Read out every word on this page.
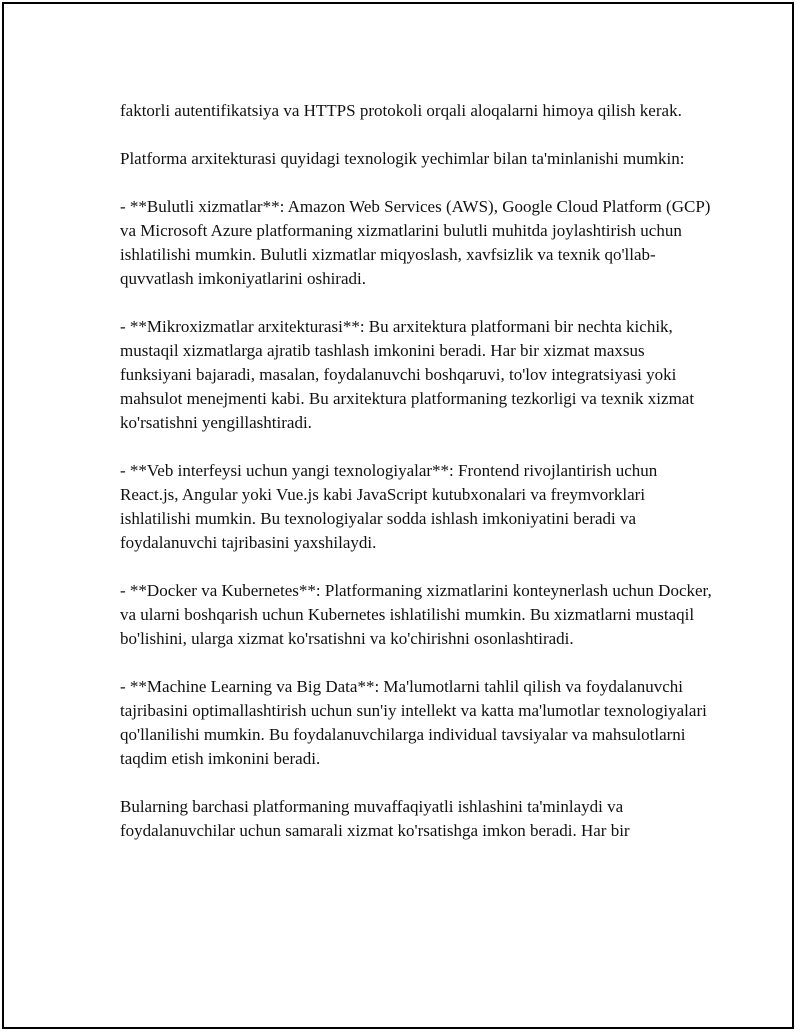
faktorli autentifikatsiya va HTTPS protokoli orqali aloqalarni himoya qilish kerak.

Platforma arxitekturasi quyidagi texnologik yechimlar bilan ta'minlanishi mumkin:

- **Bulutli xizmatlar**: Amazon Web Services (AWS), Google Cloud Platform (GCP) va Microsoft Azure platformaning xizmatlarini bulutli muhitda joylashtirish uchun ishlatilishi mumkin. Bulutli xizmatlar miqyoslash, xavfsizlik va texnik qo'llab-quvvatlash imkoniyatlarini oshiradi.

- **Mikroxizmatlar arxitekturasi**: Bu arxitektura platformani bir nechta kichik, mustaqil xizmatlarga ajratib tashlash imkonini beradi. Har bir xizmat maxsus funksiyani bajaradi, masalan, foydalanuvchi boshqaruvi, to'lov integratsiyasi yoki mahsulot menejmenti kabi. Bu arxitektura platformaning tezkorligi va texnik xizmat ko'rsatishni yengillashtiradi.

- **Veb interfeysi uchun yangi texnologiyalar**: Frontend rivojlantirish uchun React.js, Angular yoki Vue.js kabi JavaScript kutubxonalari va freymvorklari ishlatilishi mumkin. Bu texnologiyalar sodda ishlash imkoniyatini beradi va foydalanuvchi tajribasini yaxshilaydi.

- **Docker va Kubernetes**: Platformaning xizmatlarini konteynerlash uchun Docker, va ularni boshqarish uchun Kubernetes ishlatilishi mumkin. Bu xizmatlarni mustaqil bo'lishini, ularga xizmat ko'rsatishni va ko'chirishni osonlashtiradi.

- **Machine Learning va Big Data**: Ma'lumotlarni tahlil qilish va foydalanuvchi tajribasini optimallashtirish uchun sun'iy intellekt va katta ma'lumotlar texnologiyalari qo'llanilishi mumkin. Bu foydalanuvchilarga individual tavsiyalar va mahsulotlarni taqdim etish imkonini beradi.

Bularning barchasi platformaning muvaffaqiyatli ishlashini ta'minlaydi va foydalanuvchilar uchun samarali xizmat ko'rsatishga imkon beradi. Har bir
